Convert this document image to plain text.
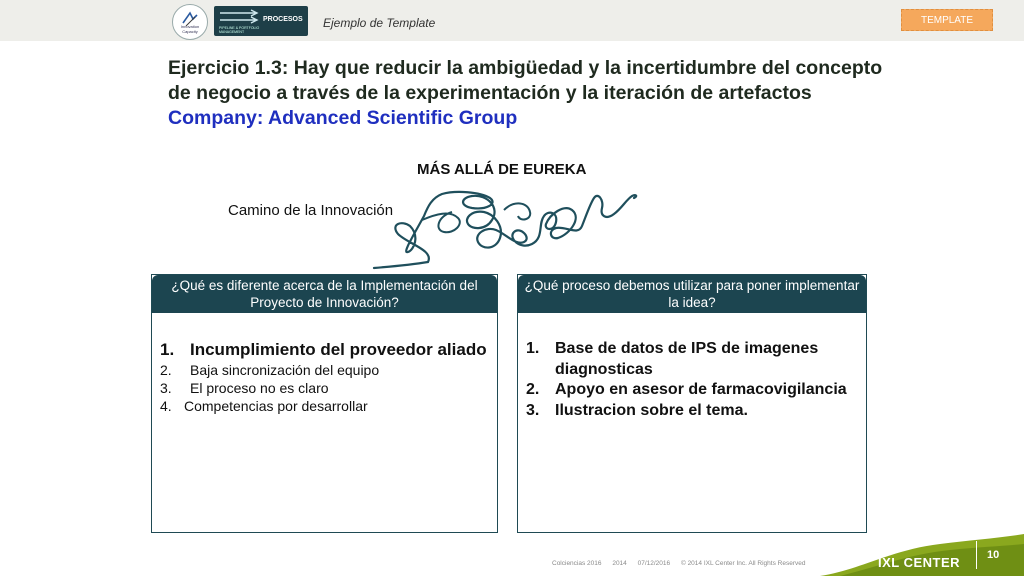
Innovation Capacity
PROCESOS
PIPELINE & PORTFOLIO MANAGEMENT
Ejemplo de Template	TEMPLATE
Ejercicio 1.3: Hay que reducir la ambigüedad y la incertidumbre del concepto
de negocio a través de la experimentación y la iteración de artefactos
Company: Advanced Scientific Group
MÁS ALLÁ DE EUREKA
Camino de la Innovación
¿Qué es diferente acerca de la Implementación del Proyecto de Innovación?
1. Incumplimiento del proveedor aliado
2.	Baja sincronización del equipo
3.	El proceso no es claro
4. Competencias por desarrollar
¿Qué proceso debemos utilizar para poner implementar la idea?
1. Base de datos de IPS de imagenes diagnosticas
2. Apoyo en asesor de farmacovigilancia
3. Ilustracion sobre el tema.
Colciencias 2016 2014 07/12/2016 © 2014 IXL Center Inc. All Rights Reserved	IXL CENTER 10
